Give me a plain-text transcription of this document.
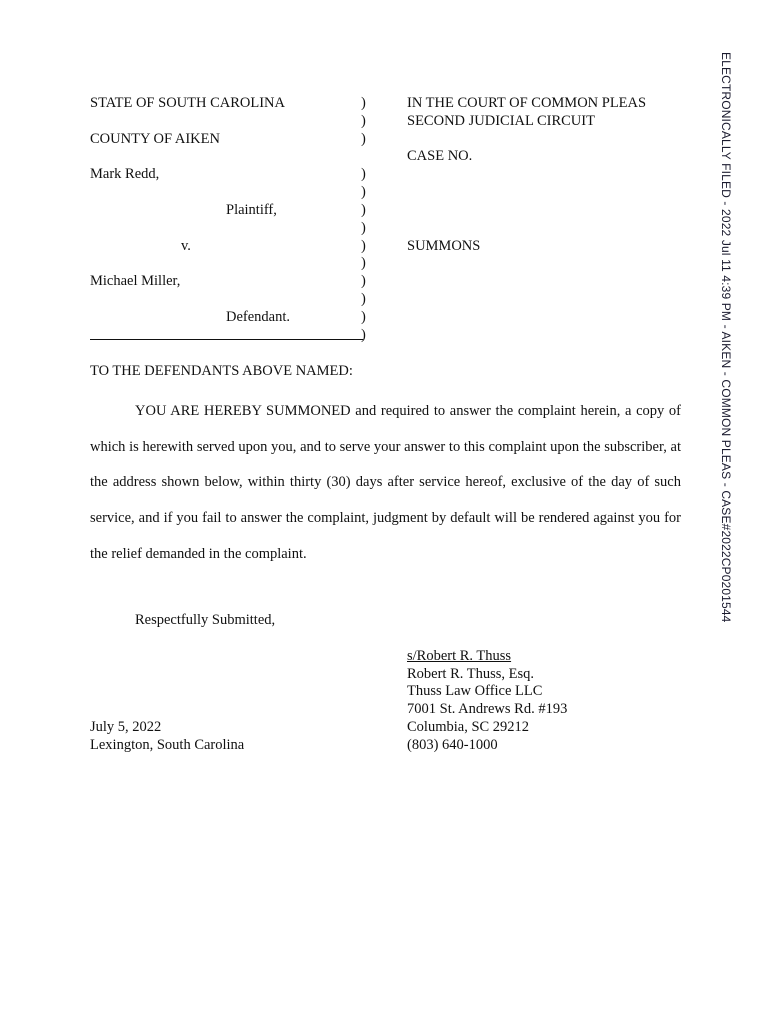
STATE OF SOUTH CAROLINA
COUNTY OF AIKEN
Mark Redd,
Plaintiff,
v.
Michael Miller,
Defendant.
)
)
)
)
)
)
)
)
)
)
)
)
)
IN THE COURT OF COMMON PLEAS
SECOND JUDICIAL CIRCUIT
CASE NO.
SUMMONS
TO THE DEFENDANTS ABOVE NAMED:
YOU ARE HEREBY SUMMONED and required to answer the complaint herein, a copy of which is herewith served upon you, and to serve your answer to this complaint upon the subscriber, at the address shown below, within thirty (30) days after service hereof, exclusive of the day of such service, and if you fail to answer the complaint, judgment by default will be rendered against you for the relief demanded in the complaint.
Respectfully Submitted,
July 5, 2022
Lexington, South Carolina
s/Robert R. Thuss
Robert R. Thuss, Esq.
Thuss Law Office LLC
7001 St. Andrews Rd. #193
Columbia, SC 29212
(803) 640-1000
ELECTRONICALLY FILED - 2022 Jul 11 4:39 PM - AIKEN - COMMON PLEAS - CASE#2022CP0201544
